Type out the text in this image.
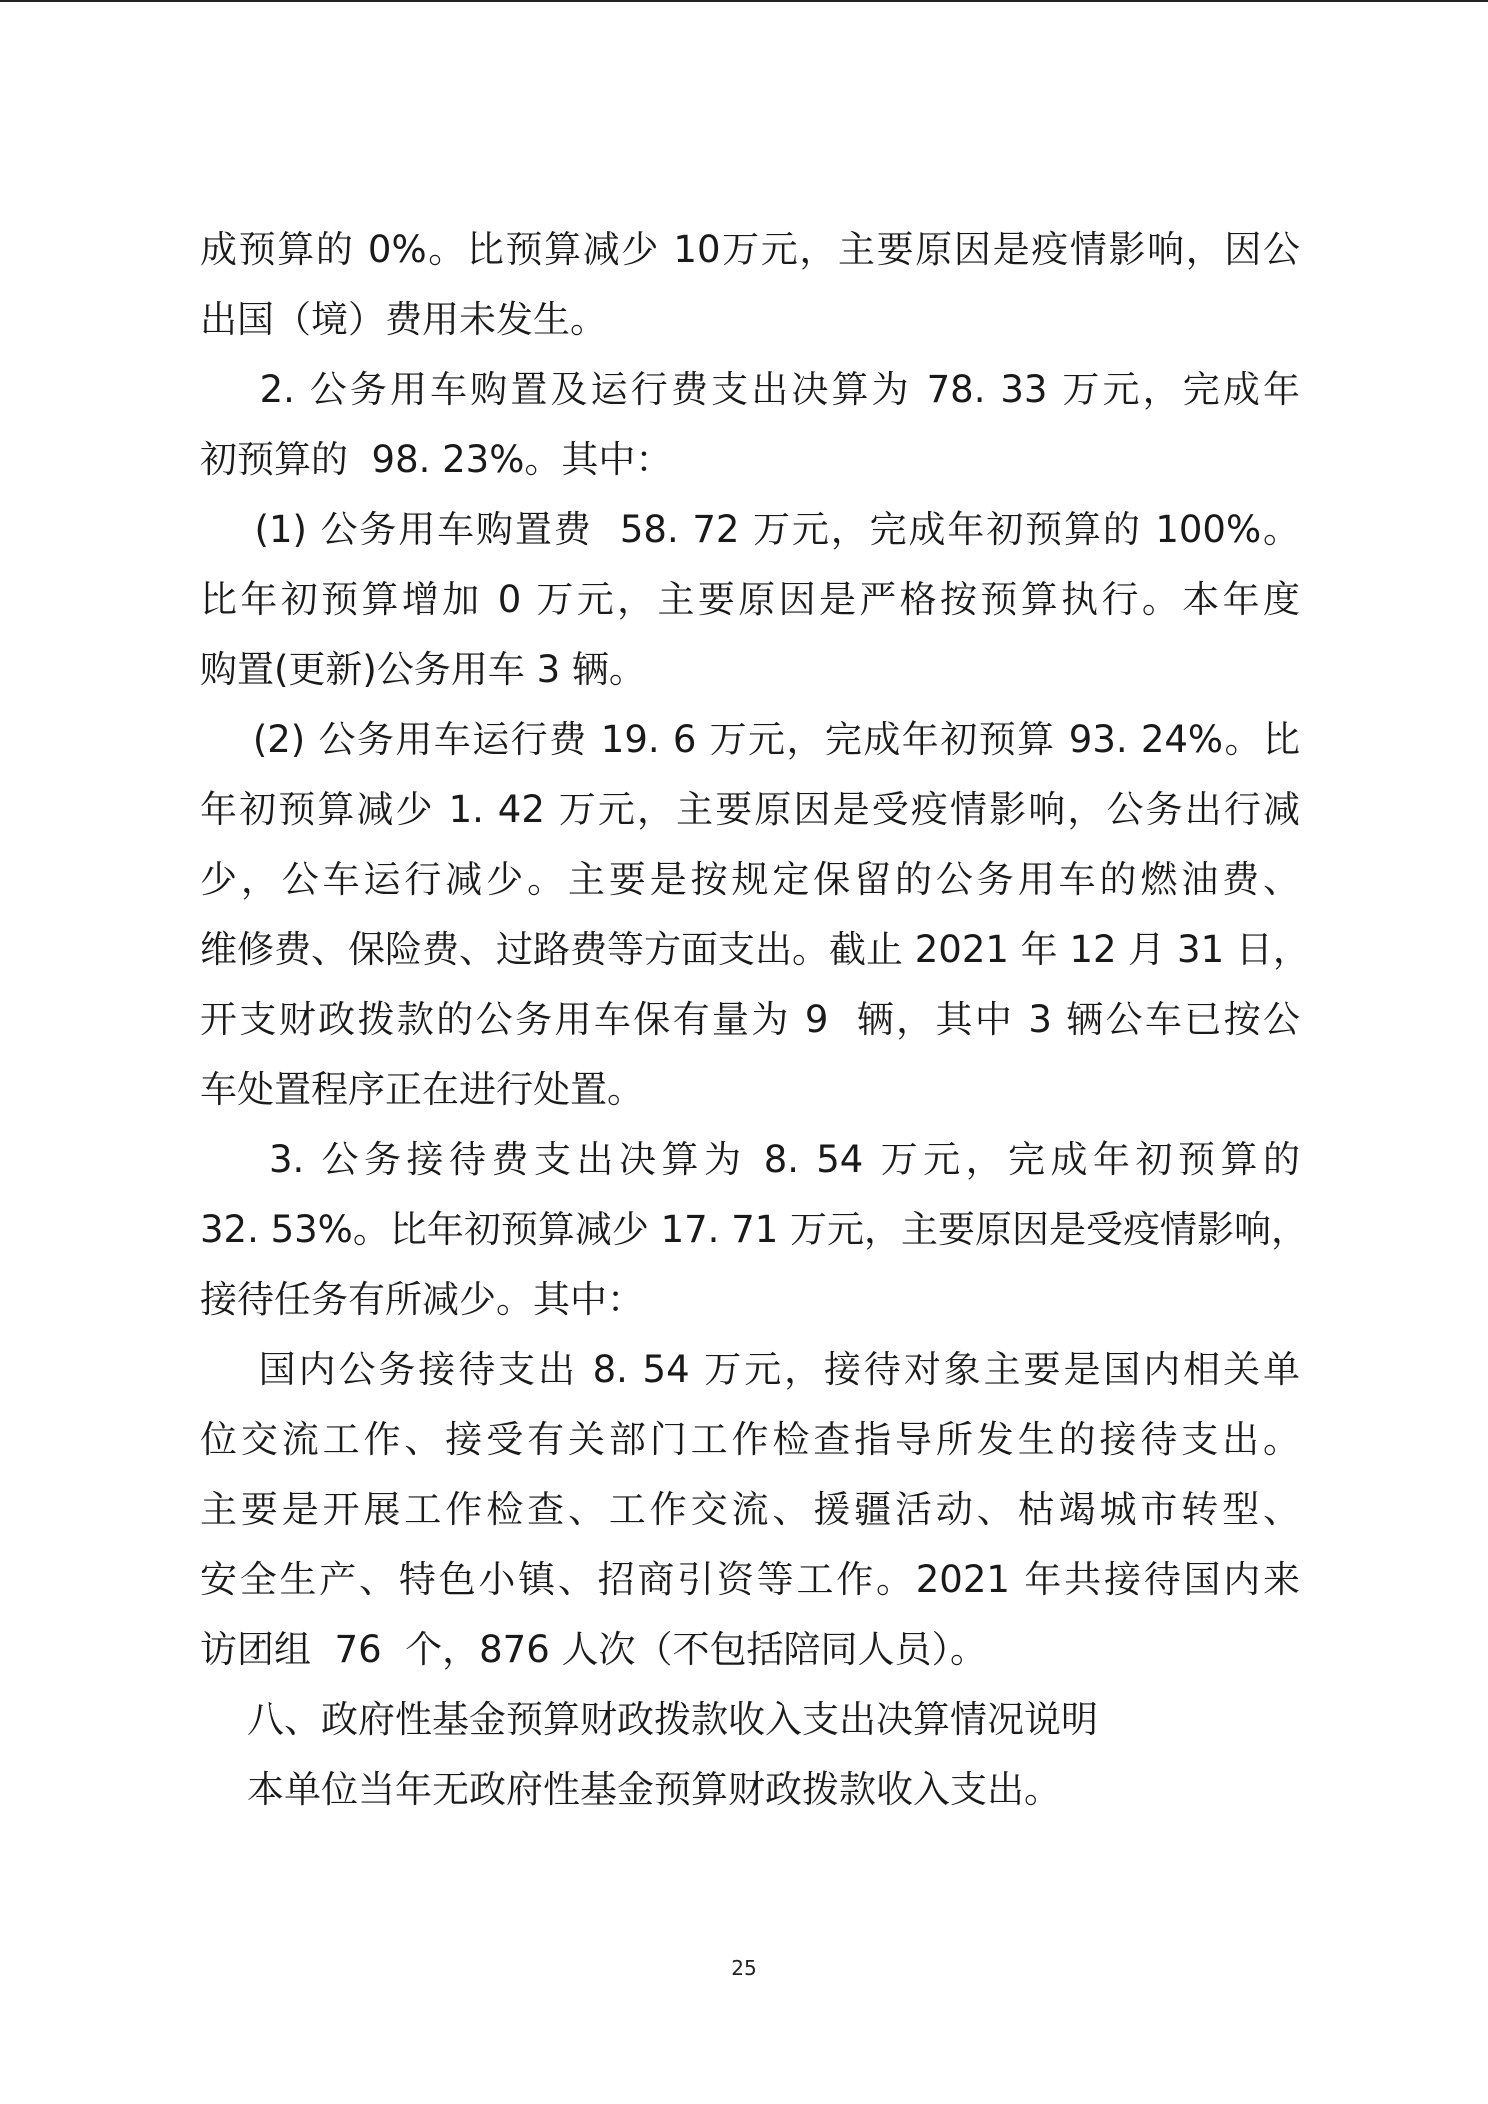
成预算的 0%。比预算减少 10万元，主要原因是疫情影响，因公
出国（境）费用未发生。
2. 公务用车购置及运行费支出决算为 78. 33 万元，完成年
初预算的  98. 23%。其中：
(1) 公务用车购置费  58. 72 万元，完成年初预算的 100%。
比年初预算增加 0 万元，主要原因是严格按预算执行。本年度
购置(更新)公务用车 3 辆。
(2) 公务用车运行费 19. 6 万元，完成年初预算 93. 24%。比
年初预算减少 1. 42 万元，主要原因是受疫情影响，公务出行减
少，公车运行减少。主要是按规定保留的公务用车的燃油费、
维修费、保险费、过路费等方面支出。截止 2021 年 12 月 31 日，
开支财政拨款的公务用车保有量为 9  辆，其中 3 辆公车已按公
车处置程序正在进行处置。
3. 公务接待费支出决算为 8. 54 万元，完成年初预算的
32. 53%。比年初预算减少 17. 71 万元，主要原因是受疫情影响，
接待任务有所减少。其中：
国内公务接待支出 8. 54 万元，接待对象主要是国内相关单
位交流工作、接受有关部门工作检查指导所发生的接待支出。
主要是开展工作检查、工作交流、援疆活动、枯竭城市转型、
安全生产、特色小镇、招商引资等工作。2021 年共接待国内来
访团组  76  个，876 人次（不包括陪同人员）。
八、政府性基金预算财政拨款收入支出决算情况说明
本单位当年无政府性基金预算财政拨款收入支出。
25
